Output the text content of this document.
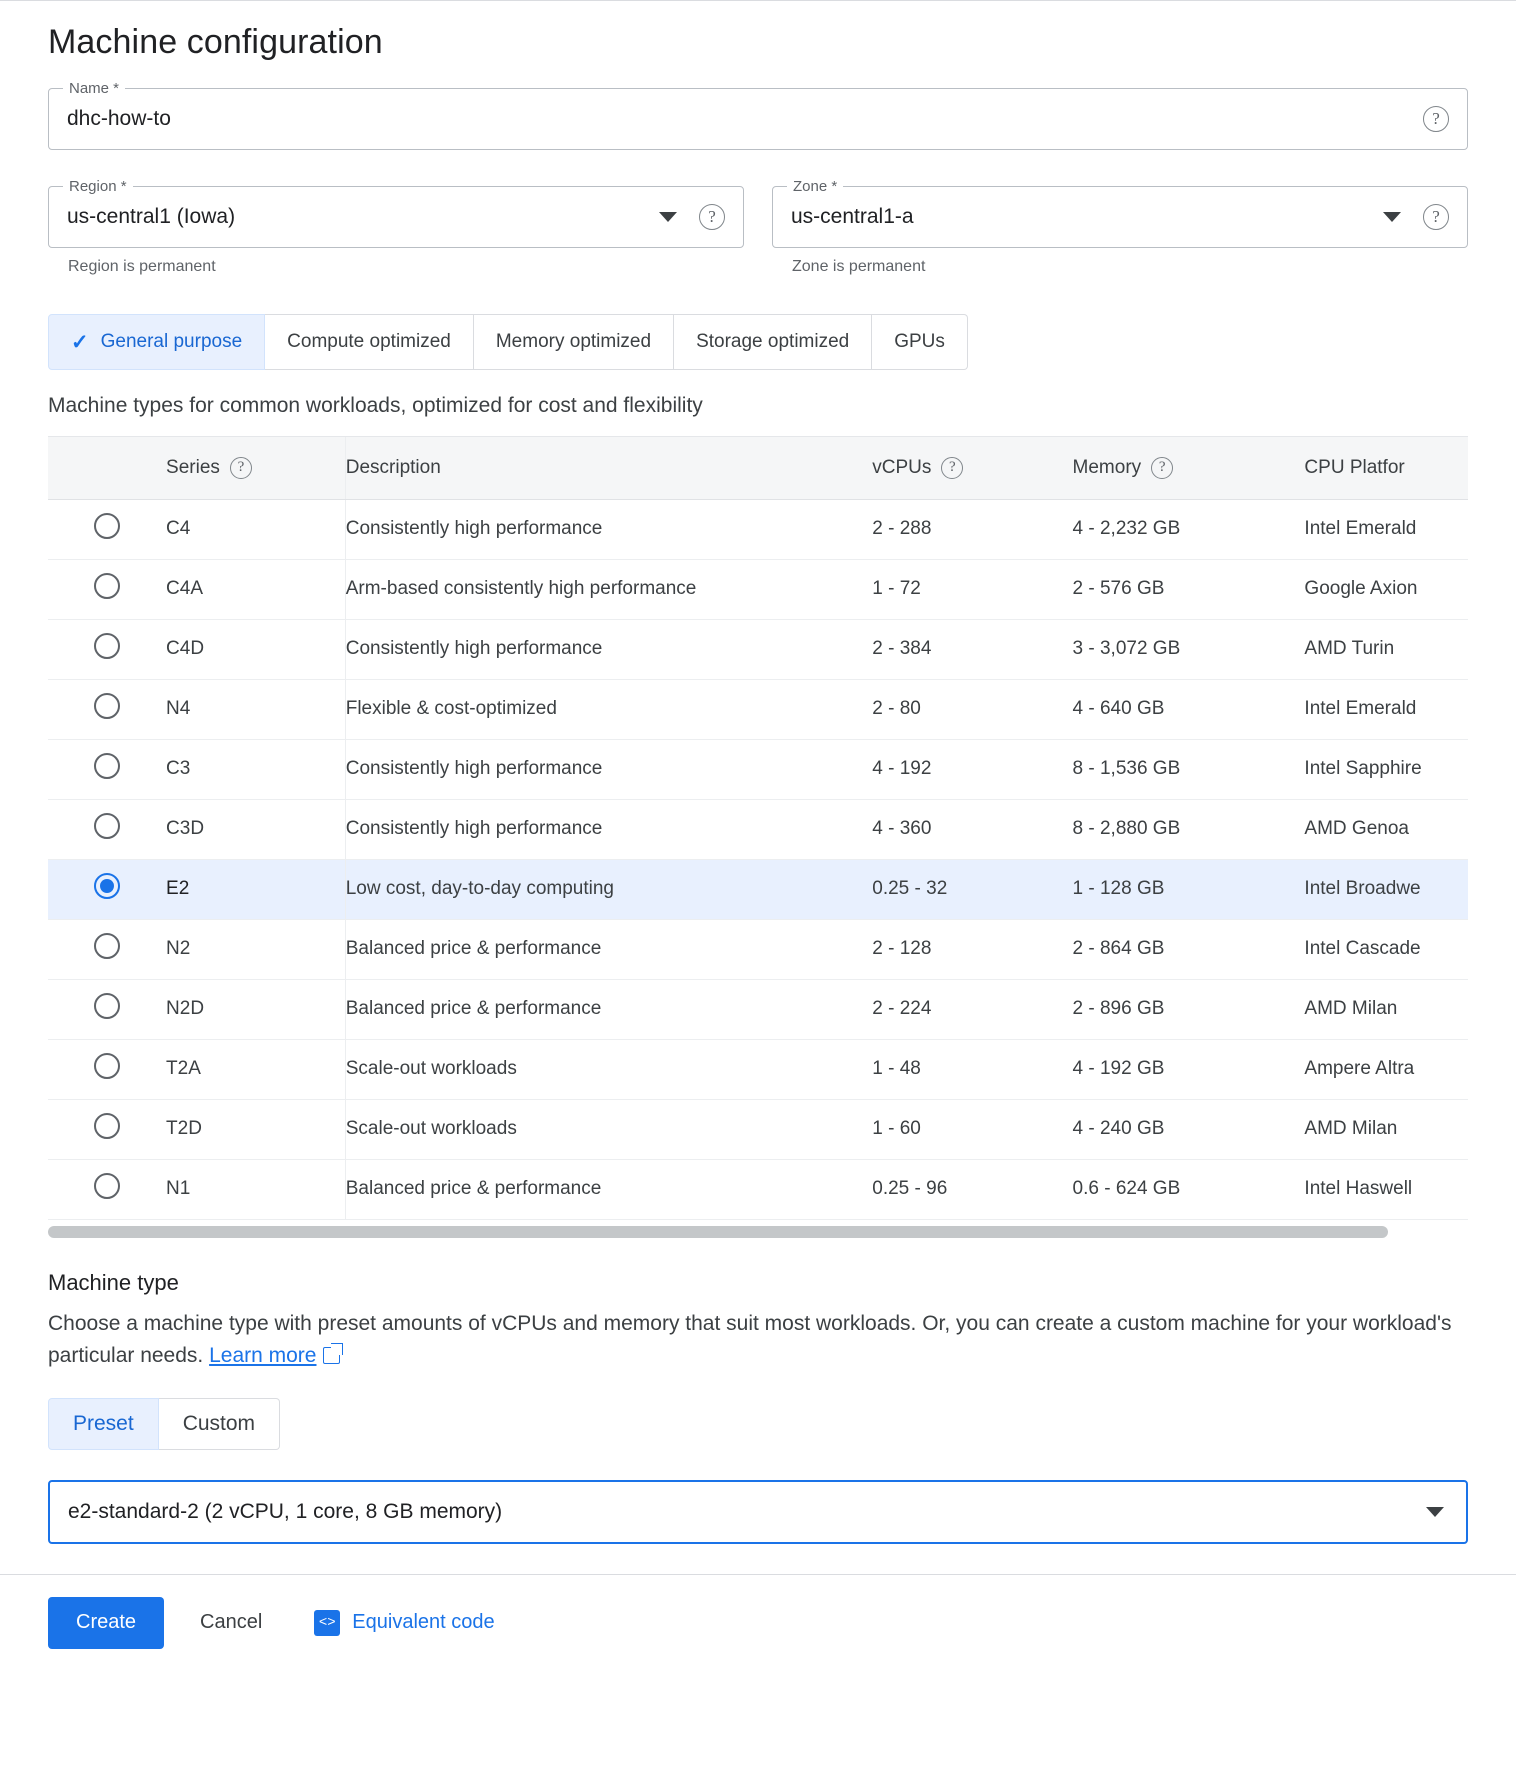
Machine configuration
Name *
dhc-how-to	?
Region *
us-central1 (Iowa)	?
Region is permanent
Zone *
us-central1-a	?
Zone is permanent
✓ General purpose Compute optimized Memory optimized Storage optimized GPUs
Machine types for common workloads, optimized for cost and flexibility

	Series ?	Description	vCPUs ?	Memory ?	CPU Platfor

	C4	Consistently high performance	2 - 288	4 - 2,232 GB	Intel Emerald
	C4A	Arm-based consistently high performance	1 - 72	2 - 576 GB	Google Axion
	C4D	Consistently high performance	2 - 384	3 - 3,072 GB	AMD Turin
	N4	Flexible & cost-optimized	2 - 80	4 - 640 GB	Intel Emerald
	C3	Consistently high performance	4 - 192	8 - 1,536 GB	Intel Sapphire
	C3D	Consistently high performance	4 - 360	8 - 2,880 GB	AMD Genoa
	E2	Low cost, day-to-day computing	0.25 - 32	1 - 128 GB	Intel Broadwe
	N2	Balanced price & performance	2 - 128	2 - 864 GB	Intel Cascade
	N2D	Balanced price & performance	2 - 224	2 - 896 GB	AMD Milan
	T2A	Scale-out workloads	1 - 48	4 - 192 GB	Ampere Altra
	T2D	Scale-out workloads	1 - 60	4 - 240 GB	AMD Milan
	N1	Balanced price & performance	0.25 - 96	0.6 - 624 GB	Intel Haswell
Machine type

Choose a machine type with preset amounts of vCPUs and memory that suit most workloads. Or, you can create a custom machine for your workload's particular needs. Learn more

Preset Custom
e2-standard-2 (2 vCPU, 1 core, 8 GB memory)
Create	Cancel	<> Equivalent code
